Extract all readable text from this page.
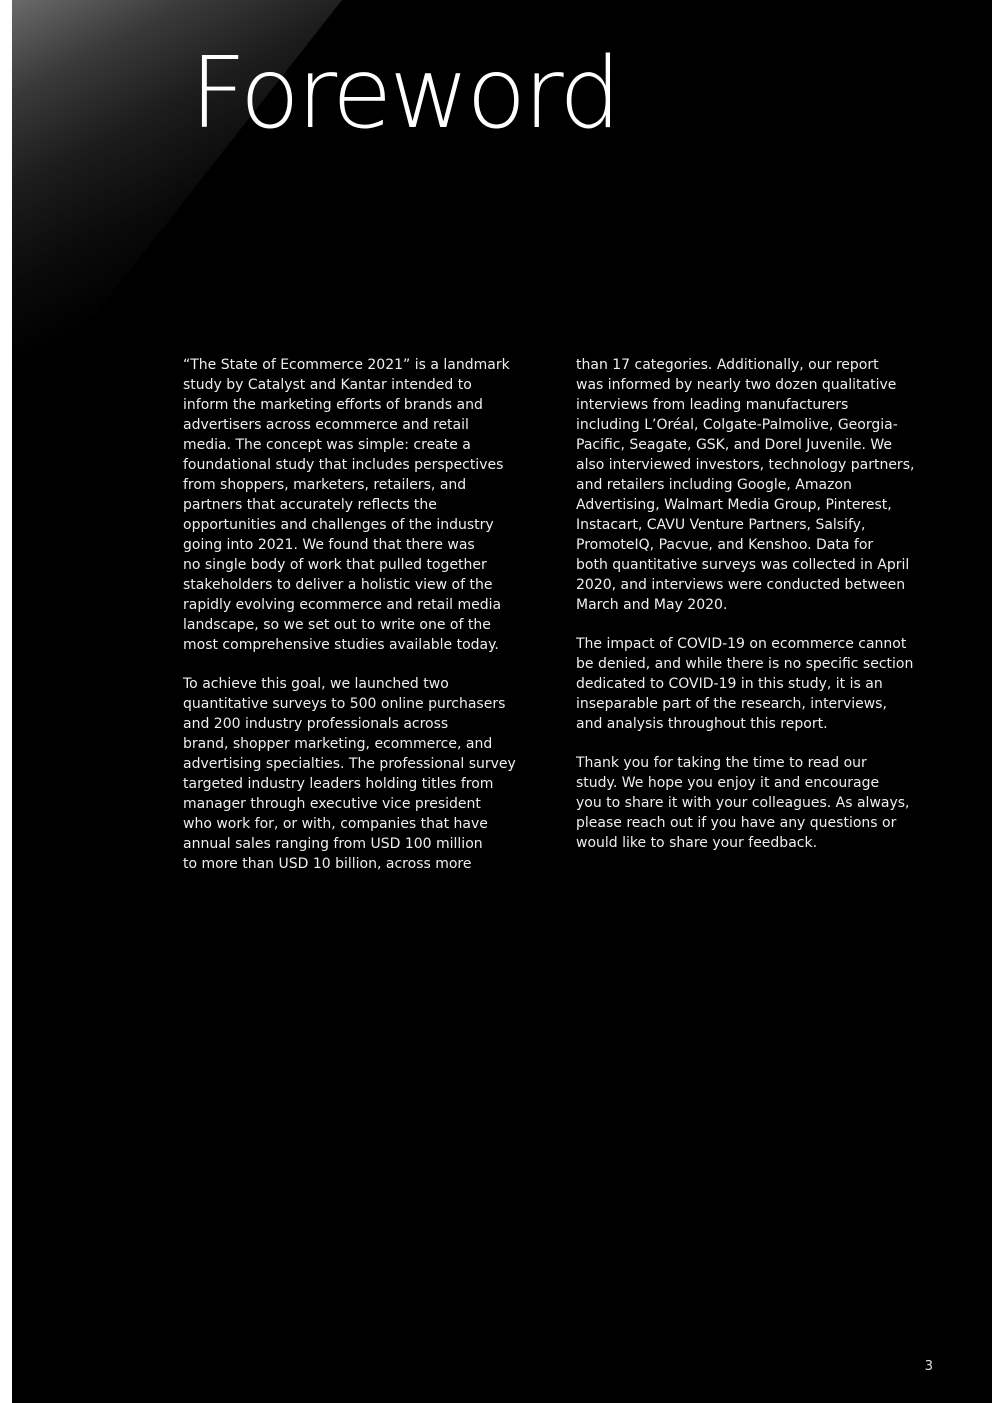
Foreword

“The State of Ecommerce 2021” is a landmark
study by Catalyst and Kantar intended to
inform the marketing efforts of brands and
advertisers across ecommerce and retail
media. The concept was simple: create a
foundational study that includes perspectives
from shoppers, marketers, retailers, and
partners that accurately reflects the
opportunities and challenges of the industry
going into 2021. We found that there was
no single body of work that pulled together
stakeholders to deliver a holistic view of the
rapidly evolving ecommerce and retail media
landscape, so we set out to write one of the
most comprehensive studies available today.

To achieve this goal, we launched two
quantitative surveys to 500 online purchasers
and 200 industry professionals across
brand, shopper marketing, ecommerce, and
advertising specialties. The professional survey
targeted industry leaders holding titles from
manager through executive vice president
who work for, or with, companies that have
annual sales ranging from USD 100 million
to more than USD 10 billion, across more

than 17 categories. Additionally, our report
was informed by nearly two dozen qualitative
interviews from leading manufacturers
including L’Oréal, Colgate-Palmolive, Georgia-
Pacific, Seagate, GSK, and Dorel Juvenile. We
also interviewed investors, technology partners,
and retailers including Google, Amazon
Advertising, Walmart Media Group, Pinterest,
Instacart, CAVU Venture Partners, Salsify,
PromoteIQ, Pacvue, and Kenshoo. Data for
both quantitative surveys was collected in April
2020, and interviews were conducted between
March and May 2020.

The impact of COVID-19 on ecommerce cannot
be denied, and while there is no specific section
dedicated to COVID-19 in this study, it is an
inseparable part of the research, interviews,
and analysis throughout this report.

Thank you for taking the time to read our
study. We hope you enjoy it and encourage
you to share it with your colleagues. As always,
please reach out if you have any questions or
would like to share your feedback.

3
